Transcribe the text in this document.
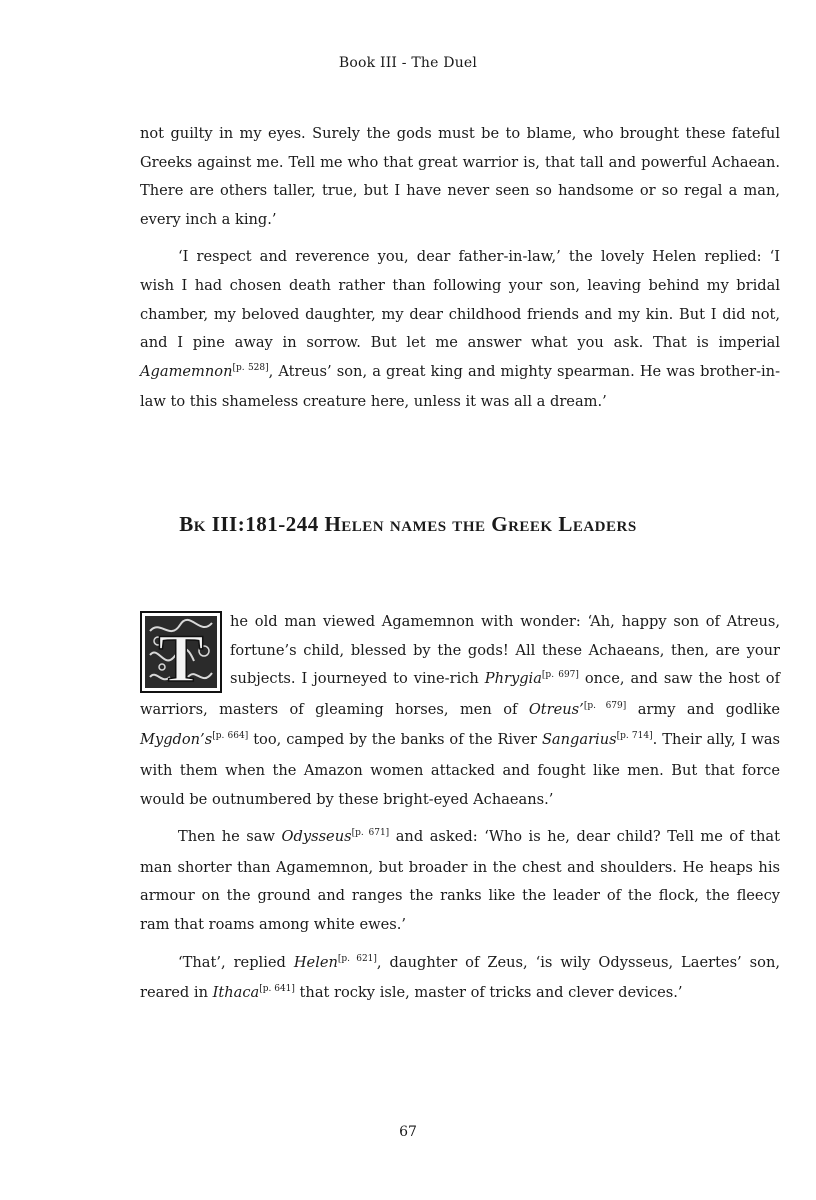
Book III - The Duel

not guilty in my eyes. Surely the gods must be to blame, who brought these fateful Greeks against me. Tell me who that great warrior is, that tall and powerful Achaean. There are others taller, true, but I have never seen so handsome or so regal a man, every inch a king.’

‘I respect and reverence you, dear father-in-law,’ the lovely Helen replied: ‘I wish I had chosen death rather than following your son, leaving behind my bridal chamber, my beloved daughter, my dear childhood friends and my kin. But I did not, and I pine away in sorrow. But let me answer what you ask. That is imperial Agamemnon[p. 528], Atreus’ son, a great king and mighty spearman. He was brother-in-law to this shameless creature here, unless it was all a dream.’

Bk III:181-244 Helen names the Greek Leaders

T he old man viewed Agamemnon with wonder: ‘Ah, happy son of Atreus, fortune’s child, blessed by the gods! All these Achaeans, then, are your subjects. I journeyed to vine-rich Phrygia[p. 697] once, and saw the host of warriors, masters of gleaming horses, men of Otreus’[p. 679] army and godlike Mygdon’s[p. 664] too, camped by the banks of the River Sangarius[p. 714]. Their ally, I was with them when the Amazon women attacked and fought like men. But that force would be outnumbered by these bright-eyed Achaeans.’

Then he saw Odysseus[p. 671] and asked: ‘Who is he, dear child? Tell me of that man shorter than Agamemnon, but broader in the chest and shoulders. He heaps his armour on the ground and ranges the ranks like the leader of the flock, the fleecy ram that roams among white ewes.’

‘That’, replied Helen[p. 621], daughter of Zeus, ‘is wily Odysseus, Laertes’ son, reared in Ithaca[p. 641] that rocky isle, master of tricks and clever devices.’

67
